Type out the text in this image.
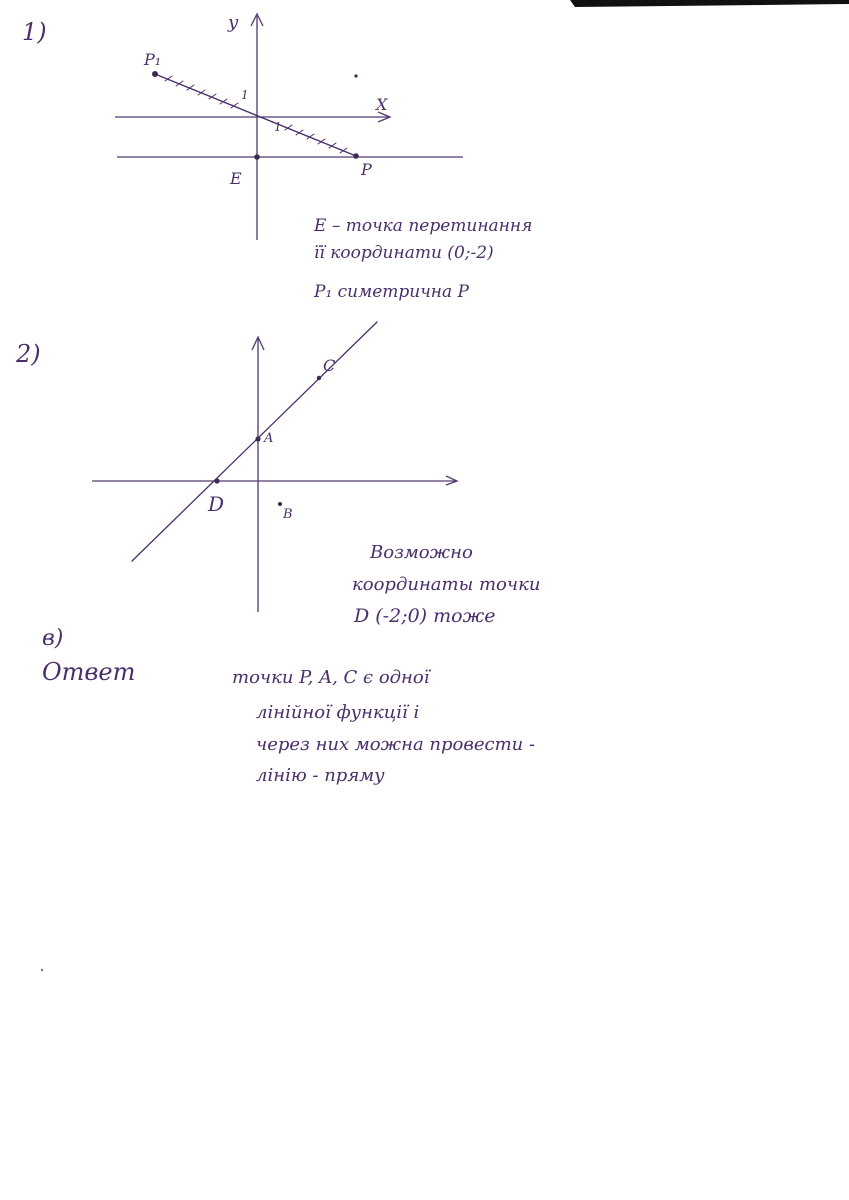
1)	y
X
1
1
P₁
P
E
E – точка перетинання
її координати (0;-2)
P₁ симетрична P
2)
A
C
D	B
Возможно
координаты точки
D (-2;0) тоже
в)
Ответ	точки P, A, C є одної
лінійної функції і
через них можна провести -
лінію - пряму
